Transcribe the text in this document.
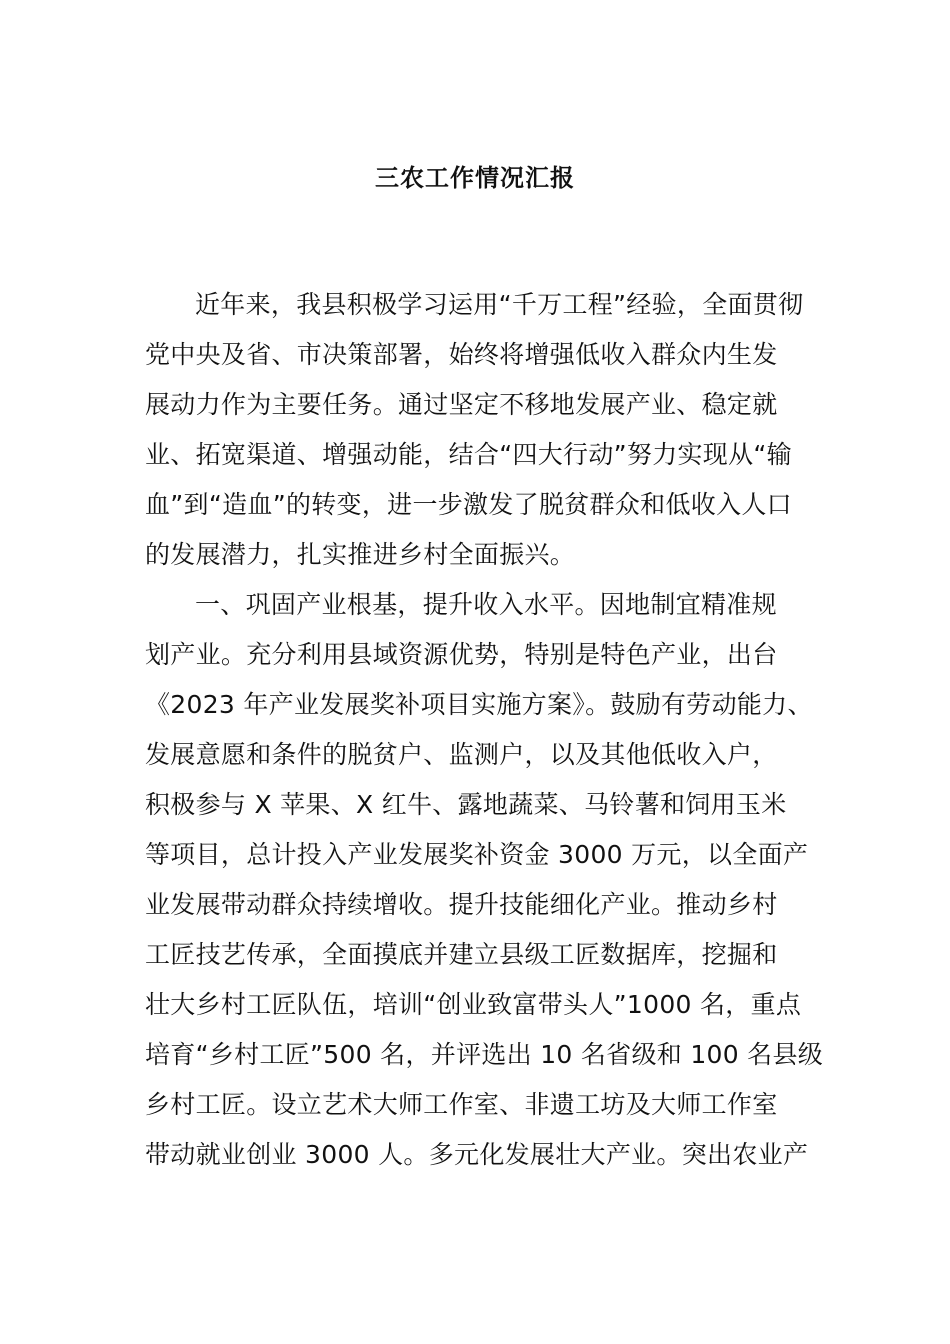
三农工作情况汇报
近年来，我县积极学习运用“千万工程”经验，全面贯彻
党中央及省、市决策部署，始终将增强低收入群众内生发
展动力作为主要任务。通过坚定不移地发展产业、稳定就
业、拓宽渠道、增强动能，结合“四大行动”努力实现从“输
血”到“造血”的转变，进一步激发了脱贫群众和低收入人口
的发展潜力，扎实推进乡村全面振兴。
一、巩固产业根基，提升收入水平。因地制宜精准规
划产业。充分利用县域资源优势，特别是特色产业，出台
《2023 年产业发展奖补项目实施方案》。鼓励有劳动能力、
发展意愿和条件的脱贫户、监测户，以及其他低收入户，
积极参与 X 苹果、X 红牛、露地蔬菜、马铃薯和饲用玉米
等项目，总计投入产业发展奖补资金 3000 万元，以全面产
业发展带动群众持续增收。提升技能细化产业。推动乡村
工匠技艺传承，全面摸底并建立县级工匠数据库，挖掘和
壮大乡村工匠队伍，培训“创业致富带头人”1000 名，重点
培育“乡村工匠”500 名，并评选出 10 名省级和 100 名县级
乡村工匠。设立艺术大师工作室、非遗工坊及大师工作室
带动就业创业 3000 人。多元化发展壮大产业。突出农业产
